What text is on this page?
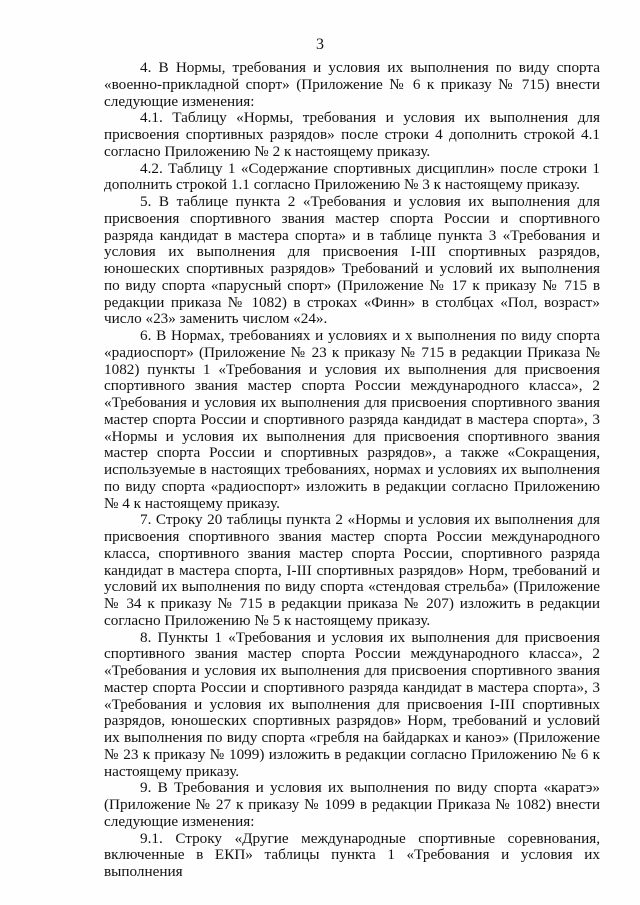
3

4. В Нормы, требования и условия их выполнения по виду спорта «военно-прикладной спорт» (Приложение № 6 к приказу № 715) внести следующие изменения:

4.1. Таблицу «Нормы, требования и условия их выполнения для присвоения спортивных разрядов» после строки 4 дополнить строкой 4.1 согласно Приложению № 2 к настоящему приказу.

4.2. Таблицу 1 «Содержание спортивных дисциплин» после строки 1 дополнить строкой 1.1 согласно Приложению № 3 к настоящему приказу.

5. В таблице пункта 2 «Требования и условия их выполнения для присвоения спортивного звания мастер спорта России и спортивного разряда кандидат в мастера спорта» и в таблице пункта 3 «Требования и условия их выполнения для присвоения I-III спортивных разрядов, юношеских спортивных разрядов» Требований и условий их выполнения по виду спорта «парусный спорт» (Приложение № 17 к приказу № 715 в редакции приказа № 1082) в строках «Финн» в столбцах «Пол, возраст» число «23» заменить числом «24».

6. В Нормах, требованиях и условиях и х выполнения по виду спорта «радиоспорт» (Приложение № 23 к приказу № 715 в редакции Приказа № 1082) пункты 1 «Требования и условия их выполнения для присвоения спортивного звания мастер спорта России международного класса», 2 «Требования и условия их выполнения для присвоения спортивного звания мастер спорта России и спортивного разряда кандидат в мастера спорта», 3 «Нормы и условия их выполнения для присвоения спортивного звания мастер спорта России и спортивных разрядов», а также «Сокращения, используемые в настоящих требованиях, нормах и условиях их выполнения по виду спорта «радиоспорт» изложить в редакции согласно Приложению № 4 к настоящему приказу.

7. Строку 20 таблицы пункта 2 «Нормы и условия их выполнения для присвоения спортивного звания мастер спорта России международного класса, спортивного звания мастер спорта России, спортивного разряда кандидат в мастера спорта, I-III спортивных разрядов» Норм, требований и условий их выполнения по виду спорта «стендовая стрельба» (Приложение № 34 к приказу № 715 в редакции приказа № 207) изложить в редакции согласно Приложению № 5 к настоящему приказу.

8. Пункты 1 «Требования и условия их выполнения для присвоения спортивного звания мастер спорта России международного класса», 2 «Требования и условия их выполнения для присвоения спортивного звания мастер спорта России и спортивного разряда кандидат в мастера спорта», 3 «Требования и условия их выполнения для присвоения I-III спортивных разрядов, юношеских спортивных разрядов» Норм, требований и условий их выполнения по виду спорта «гребля на байдарках и каноэ» (Приложение № 23 к приказу № 1099) изложить в редакции согласно Приложению № 6 к настоящему приказу.

9. В Требования и условия их выполнения по виду спорта «каратэ» (Приложение № 27 к приказу № 1099 в редакции Приказа № 1082) внести следующие изменения:

9.1. Строку «Другие международные спортивные соревнования, включенные в ЕКП» таблицы пункта 1 «Требования и условия их выполнения
